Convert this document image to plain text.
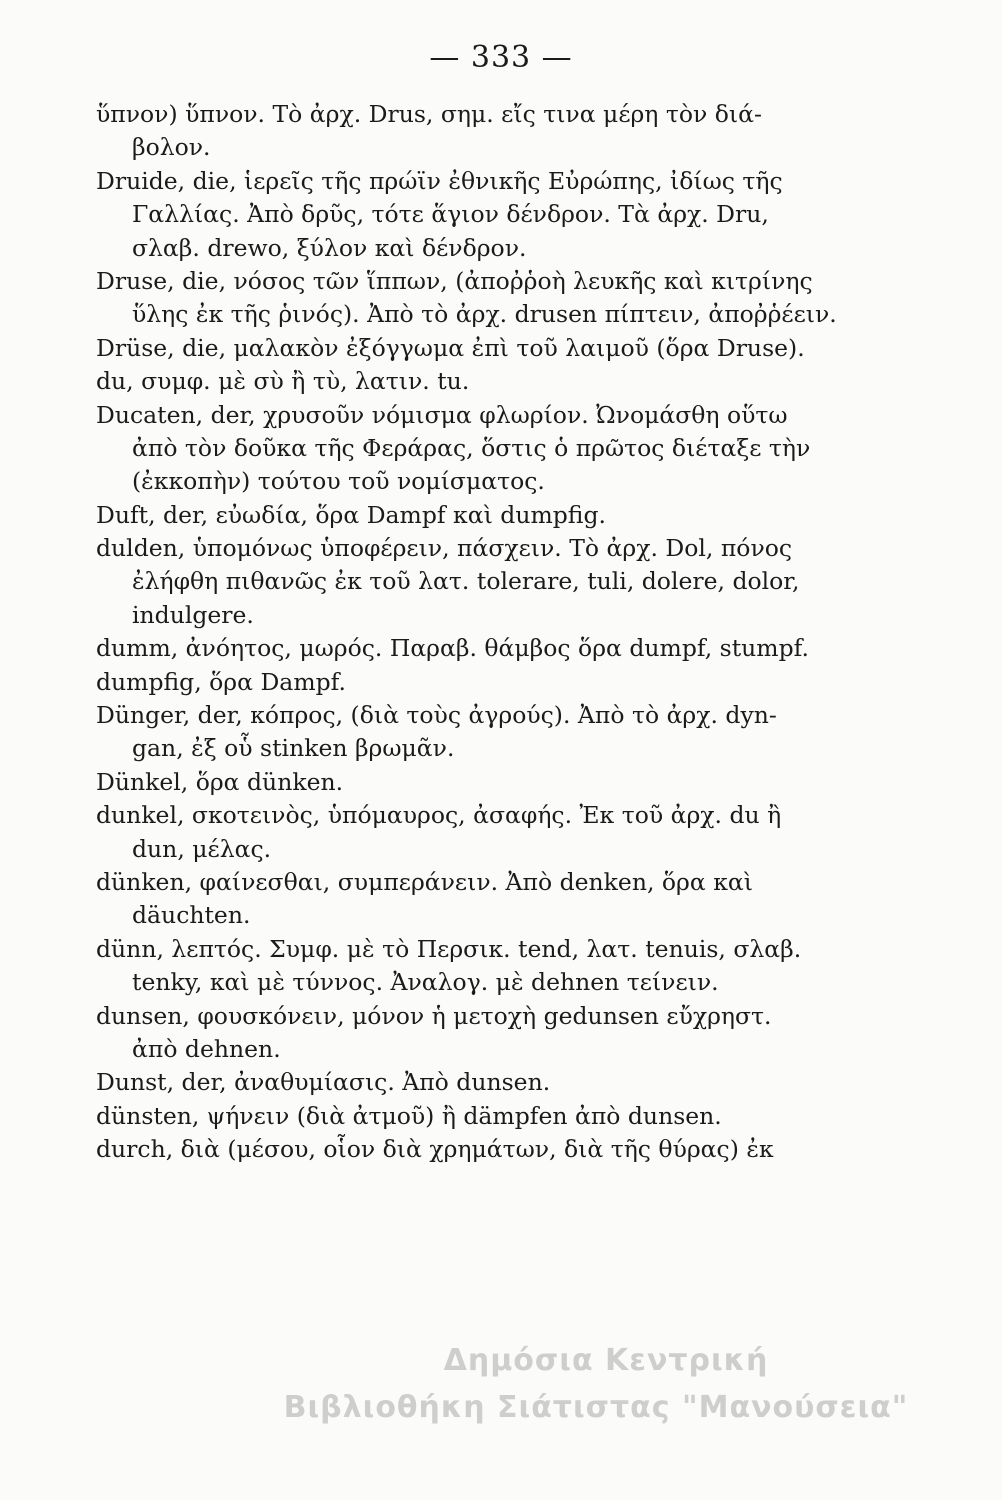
— 333 —

ὕπνον) ὕπνον. Τὸ ἀρχ. Drus, σημ. εἴς τινα μέρη τὸν διά-
βολον.

Druide, die, ἱερεῖς τῆς πρώϊν ἐθνικῆς Εὐρώπης, ἰδίως τῆς
Γαλλίας. Ἀπὸ δρῦς, τότε ἅγιον δένδρον. Τὰ ἀρχ. Dru,
σλαβ. drewo, ξύλον καὶ δένδρον.

Druse, die, νόσος τῶν ἵππων, (ἀποῤῥοὴ λευκῆς καὶ κιτρίνης
ὕλης ἐκ τῆς ῥινός). Ἀπὸ τὸ ἀρχ. drusen πίπτειν, ἀποῤῥέειν.

Drüse, die, μαλακὸν ἐξόγγωμα ἐπὶ τοῦ λαιμοῦ (ὅρα Druse).

du, συμφ. μὲ σὺ ἢ τὺ, λατιν. tu.

Ducaten, der, χρυσοῦν νόμισμα φλωρίον. Ὠνομάσθη οὕτω
ἀπὸ τὸν δοῦκα τῆς Φεράρας, ὅστις ὁ πρῶτος διέταξε τὴν
(ἐκκοπὴν) τούτου τοῦ νομίσματος.

Duft, der, εὐωδία, ὅρα Dampf καὶ dumpfig.

dulden, ὑπομόνως ὑποφέρειν, πάσχειν. Τὸ ἀρχ. Dol, πόνος
ἐλήφθη πιθανῶς ἐκ τοῦ λατ. tolerare, tuli, dolere, dolor,
indulgere.

dumm, ἀνόητος, μωρός. Παραβ. θάμβος ὅρα dumpf, stumpf.

dumpfig, ὅρα Dampf.

Dünger, der, κόπρος, (διὰ τοὺς ἀγρούς). Ἀπὸ τὸ ἀρχ. dyn-
gan, ἐξ οὗ stinken βρωμᾶν.

Dünkel, ὅρα dünken.

dunkel, σκοτεινὸς, ὑπόμαυρος, ἀσαφής. Ἐκ τοῦ ἀρχ. du ἢ
dun, μέλας.

dünken, φαίνεσθαι, συμπεράνειν. Ἀπὸ denken, ὅρα καὶ
däuchten.

dünn, λεπτός. Συμφ. μὲ τὸ Περσικ. tend, λατ. tenuis, σλαβ.
tenky, καὶ μὲ τύννος. Ἀναλογ. μὲ dehnen τείνειν.

dunsen, φουσκόνειν, μόνον ἡ μετοχὴ gedunsen εὔχρηστ.
ἀπὸ dehnen.

Dunst, der, ἀναθυμίασις. Ἀπὸ dunsen.

dünsten, ψήνειν (διὰ ἀτμοῦ) ἢ dämpfen ἀπὸ dunsen.

durch, διὰ (μέσου, οἷον διὰ χρημάτων, διὰ τῆς θύρας) ἐκ

Δημόσια Κεντρική
Βιβλιοθήκη Σιάτιστας "Μανούσεια"
